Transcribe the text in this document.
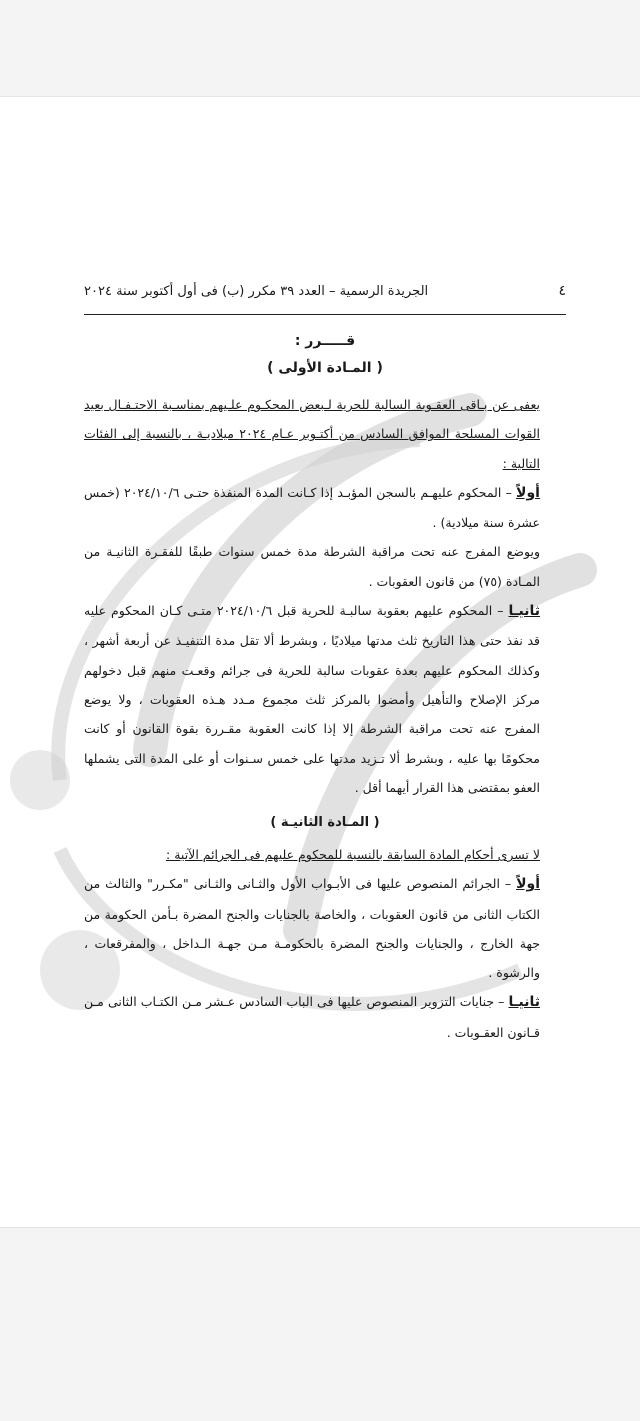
٤
الجريدة الرسمية – العدد ٣٩ مكرر (ب) فى أول أكتوبر سنة ٢٠٢٤
قـــــرر :
( المـادة الأولى )

يعفى عن بـاقى العقـوبة السالبة للحرية لـبعض المحكـوم علـيهم بمناسـبة الاحتـفـال بعيد القوات المسلحة الموافق السادس من أكتـوبر عـام ٢٠٢٤ ميلاديـة ، بالنسبة إلى الفئات التالية :

أولاً – المحكوم عليهـم بالسجن المؤبـد إذا كـانت المدة المنفذة حتـى ٢٠٢٤/١٠/٦ (خمس عشرة سنة ميلادية) .

ويوضع المفرج عنه تحت مراقبة الشرطة مدة خمس سنوات طبقًا للفقـرة الثانيـة من المـادة (٧٥) من قانون العقوبات .

ثانيـا – المحكوم عليهم بعقوبة سالبـة للحرية قبل ٢٠٢٤/١٠/٦ متـى كـان المحكوم عليه قد نفذ حتى هذا التاريخ ثلث مدتها ميلاديًا ، وبشرط ألا تقل مدة التنفيـذ عن أربعة أشهر ، وكذلك المحكوم عليهم بعدة عقوبات سالبة للحرية فى جرائم وقعـت منهم قبل دخولهم مركز الإصلاح والتأهيل وأمضوا بالمركز ثلث مجموع مـدد هـذه العقوبات ، ولا يوضع المفرج عنه تحت مراقبة الشرطة إلا إذا كانت العقوبة مقـررة بقوة القانون أو كانت محكومًا بها عليه ، وبشرط ألا تـزيد مدتها على خمس سـنوات أو على المدة التى يشملها العفو بمقتضى هذا القرار أيهما أقل .

( المـادة الثانيـة )

لا تسرى أحكام المادة السابقة بالنسبة للمحكوم عليهم فى الجرائم الآتية :

أولاً – الجرائم المنصوص عليها فى الأبـواب الأول والثـانى والثـانى "مكـرر" والثالث من الكتاب الثانى من قانون العقوبات ، والخاصة بالجنايات والجنح المضرة بـأمن الحكومة من جهة الخارج ، والجنايات والجنح المضرة بالحكومـة مـن جهـة الـداخل ، والمفرقعات ، والرشوة .

ثانيـا – جنايات التزوير المنصوص عليها فى الباب السادس عـشر مـن الكتـاب الثانى مـن قـانون العقـوبات .
